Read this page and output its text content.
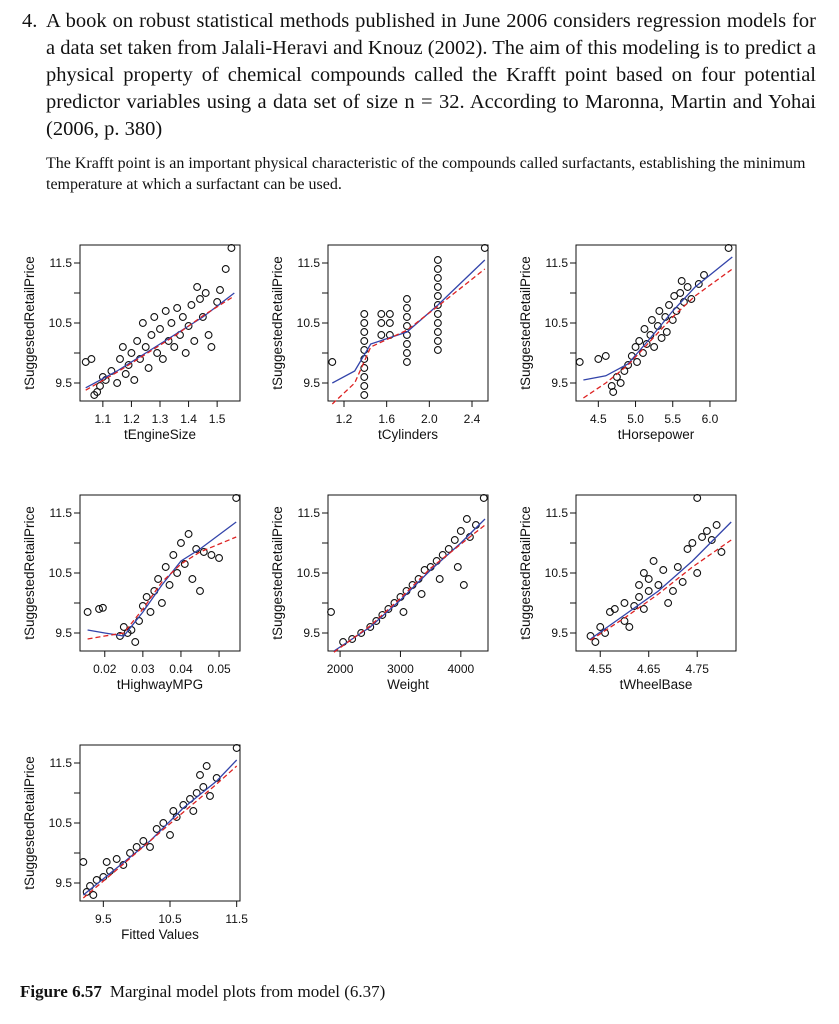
4. A book on robust statistical methods published in June 2006 considers regression models for a data set taken from Jalali-Heravi and Knouz (2002). The aim of this modeling is to predict a physical property of chemical compounds called the Krafft point based on four potential predictor variables using a data set of size n = 32. According to Maronna, Martin and Yohai (2006, p. 380)
The Krafft point is an important physical characteristic of the compounds called surfactants, establishing the minimum temperature at which a surfactant can be used.
9.5
10.5
11.5
1.1 1.2 1.3 1.4 1.5
tEngineSize
tSuggestedRetailPrice	9.5
10.5
11.5
1.2 1.6 2.0 2.4
tCylinders
tSuggestedRetailPrice	9.5
10.5
11.5
4.5 5.0 5.5 6.0
tHorsepower
tSuggestedRetailPrice
9.5
10.5
11.5
0.02 0.03 0.04 0.05
tHighwayMPG
tSuggestedRetailPrice	9.5
10.5
11.5
2000	3000	4000
Weight
tSuggestedRetailPrice	9.5
10.5
11.5
4.55 4.65 4.75
tWheelBase
tSuggestedRetailPrice
9.5
10.5
11.5
9.5	10.5	11.5
Fitted Values
tSuggestedRetailPrice
Figure 6.57 Marginal model plots from model (6.37)
